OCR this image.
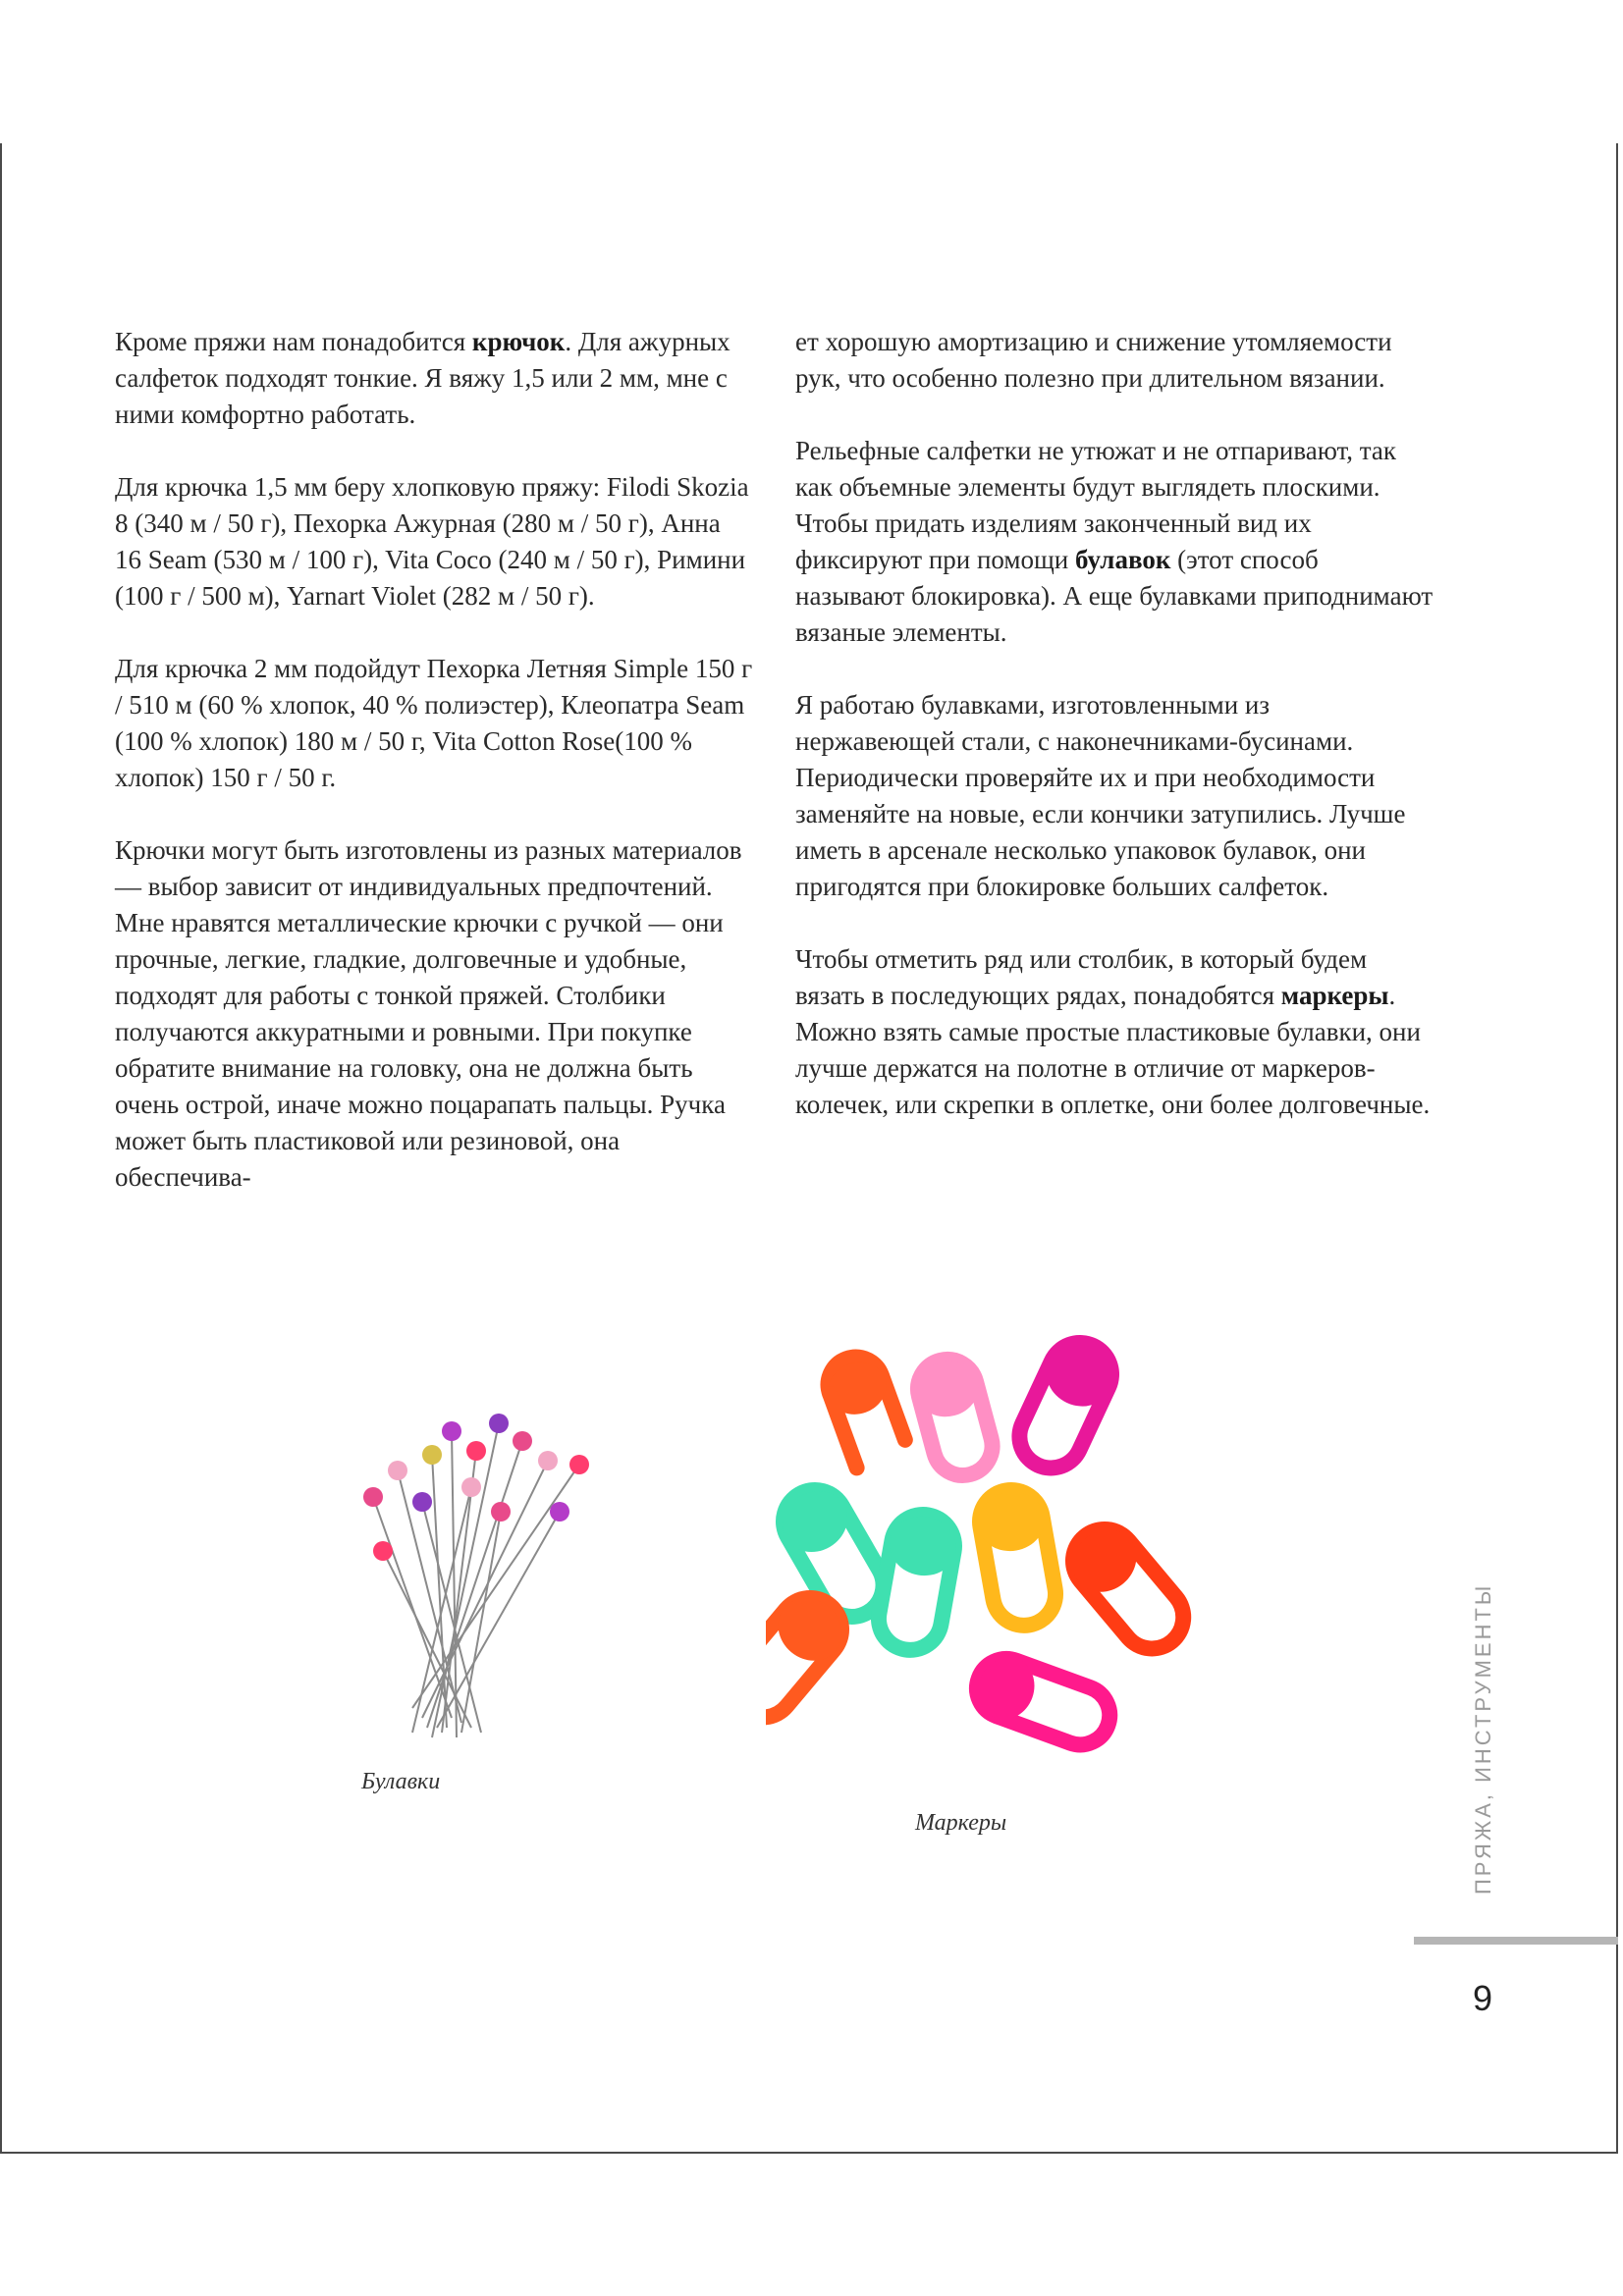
Кроме пряжи нам понадобится крючок. Для ажурных салфеток подходят тонкие. Я вяжу 1,5 или 2 мм, мне с ними комфортно работать.

Для крючка 1,5 мм беру хлопковую пряжу: Filodi Skozia 8 (340 м / 50 г), Пехорка Ажурная (280 м / 50 г), Анна 16 Seam (530 м / 100 г), Vita Coco (240 м / 50 г), Римини (100 г / 500 м), Yarnart Violet (282 м / 50 г).

Для крючка 2 мм подойдут Пехорка Летняя Simple 150 г / 510 м (60 % хлопок, 40 % полиэстер), Клеопатра Seam (100 % хлопок) 180 м / 50 г, Vita Cotton Rose(100 % хлопок) 150 г / 50 г.

Крючки могут быть изготовлены из разных материалов — выбор зависит от индивидуальных предпочтений. Мне нравятся металлические крючки с ручкой — они прочные, легкие, гладкие, долговечные и удобные, подходят для работы с тонкой пряжей. Столбики получаются аккуратными и ровными. При покупке обратите внимание на головку, она не должна быть очень острой, иначе можно поцарапать пальцы. Ручка может быть пластиковой или резиновой, она обеспечива-

ет хорошую амортизацию и снижение утомляемости рук, что особенно полезно при длительном вязании.

Рельефные салфетки не утюжат и не отпаривают, так как объемные элементы будут выглядеть плоскими. Чтобы придать изделиям законченный вид их фиксируют при помощи булавок (этот способ называют блокировка). А еще булавками приподнимают вязаные элементы.

Я работаю булавками, изготовленными из нержавеющей стали, с наконечниками-бусинами. Периодически проверяйте их и при необходимости заменяйте на новые, если кончики затупились. Лучше иметь в арсенале несколько упаковок булавок, они пригодятся при блокировке больших салфеток.

Чтобы отметить ряд или столбик, в который будем вязать в последующих рядах, понадобятся маркеры. Можно взять самые простые пластиковые булавки, они лучше держатся на полотне в отличие от маркеров-колечек, или скрепки в оплетке, они более долговечные.

Булавки
Маркеры	ПРЯЖА, ИНСТРУМЕНТЫ
9
